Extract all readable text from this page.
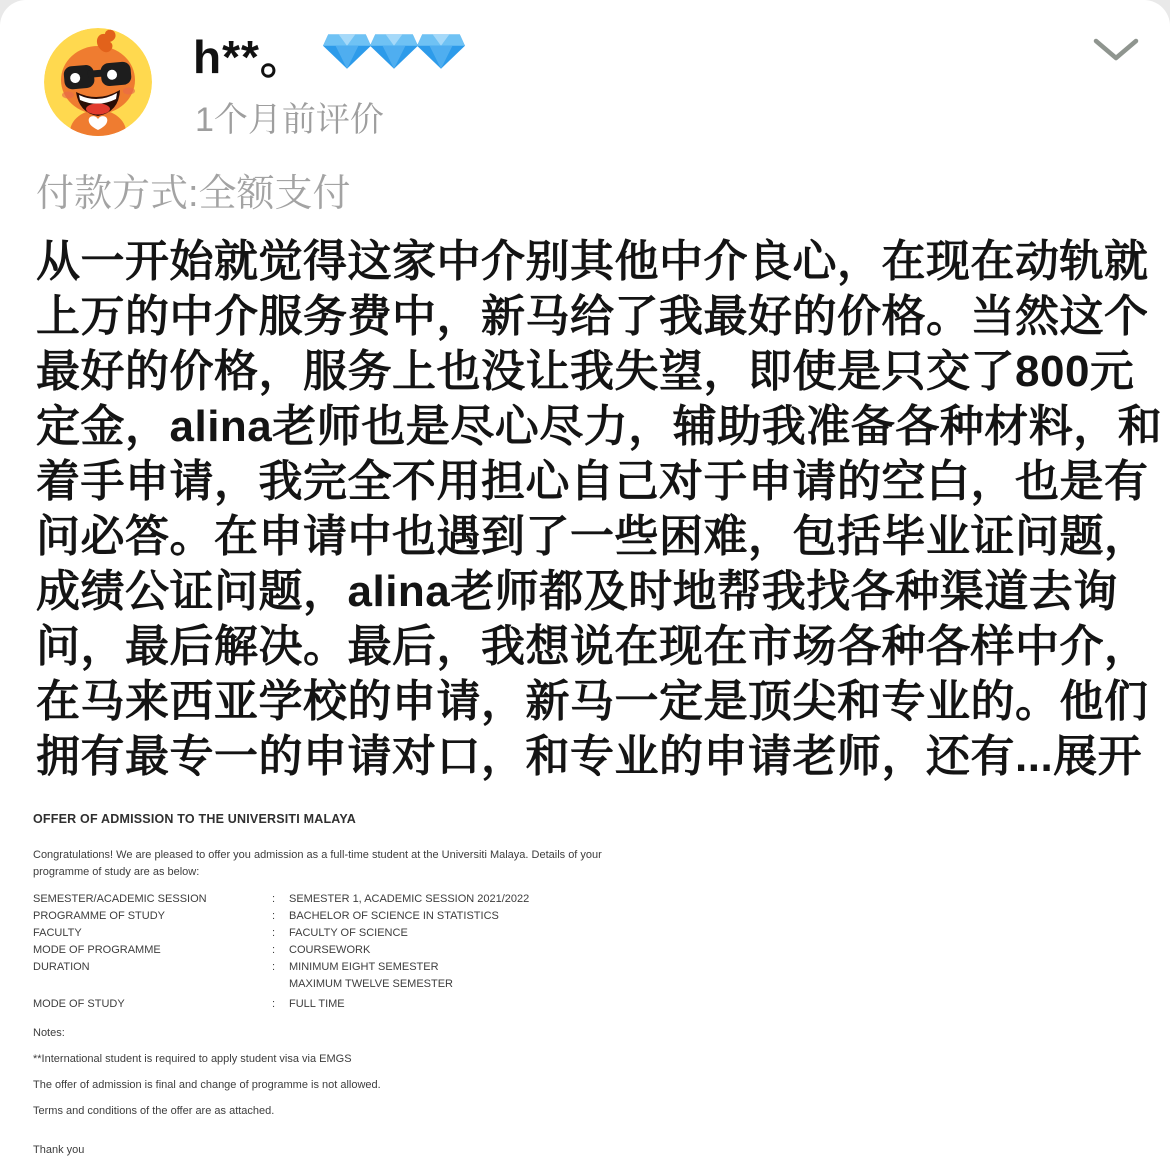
h**。
1个月前评价
付款方式:全额支付
从一开始就觉得这家中介别其他中介良心，在现在动轨就
上万的中介服务费中，新马给了我最好的价格。当然这个
最好的价格，服务上也没让我失望，即使是只交了800元
定金，alina老师也是尽心尽力，辅助我准备各种材料，和
着手申请，我完全不用担心自己对于申请的空白，也是有
问必答。在申请中也遇到了一些困难，包括毕业证问题，
成绩公证问题，alina老师都及时地帮我找各种渠道去询
问，最后解决。最后，我想说在现在市场各种各样中介，
在马来西亚学校的申请，新马一定是顶尖和专业的。他们
拥有最专一的申请对口，和专业的申请老师，还有...展开
OFFER OF ADMISSION TO THE UNIVERSITI MALAYA
Congratulations! We are pleased to offer you admission as a full-time student at the Universiti Malaya. Details of your
programme of study are as below:
SEMESTER/ACADEMIC SESSION	:	SEMESTER 1, ACADEMIC SESSION 2021/2022
PROGRAMME OF STUDY	:	BACHELOR OF SCIENCE IN STATISTICS
FACULTY	:	FACULTY OF SCIENCE
MODE OF PROGRAMME	:	COURSEWORK
DURATION	:	MINIMUM EIGHT SEMESTER
MAXIMUM TWELVE SEMESTER
MODE OF STUDY	:	FULL TIME
Notes:
**International student is required to apply student visa via EMGS
The offer of admission is final and change of programme is not allowed.
Terms and conditions of the offer are as attached.
Thank you
